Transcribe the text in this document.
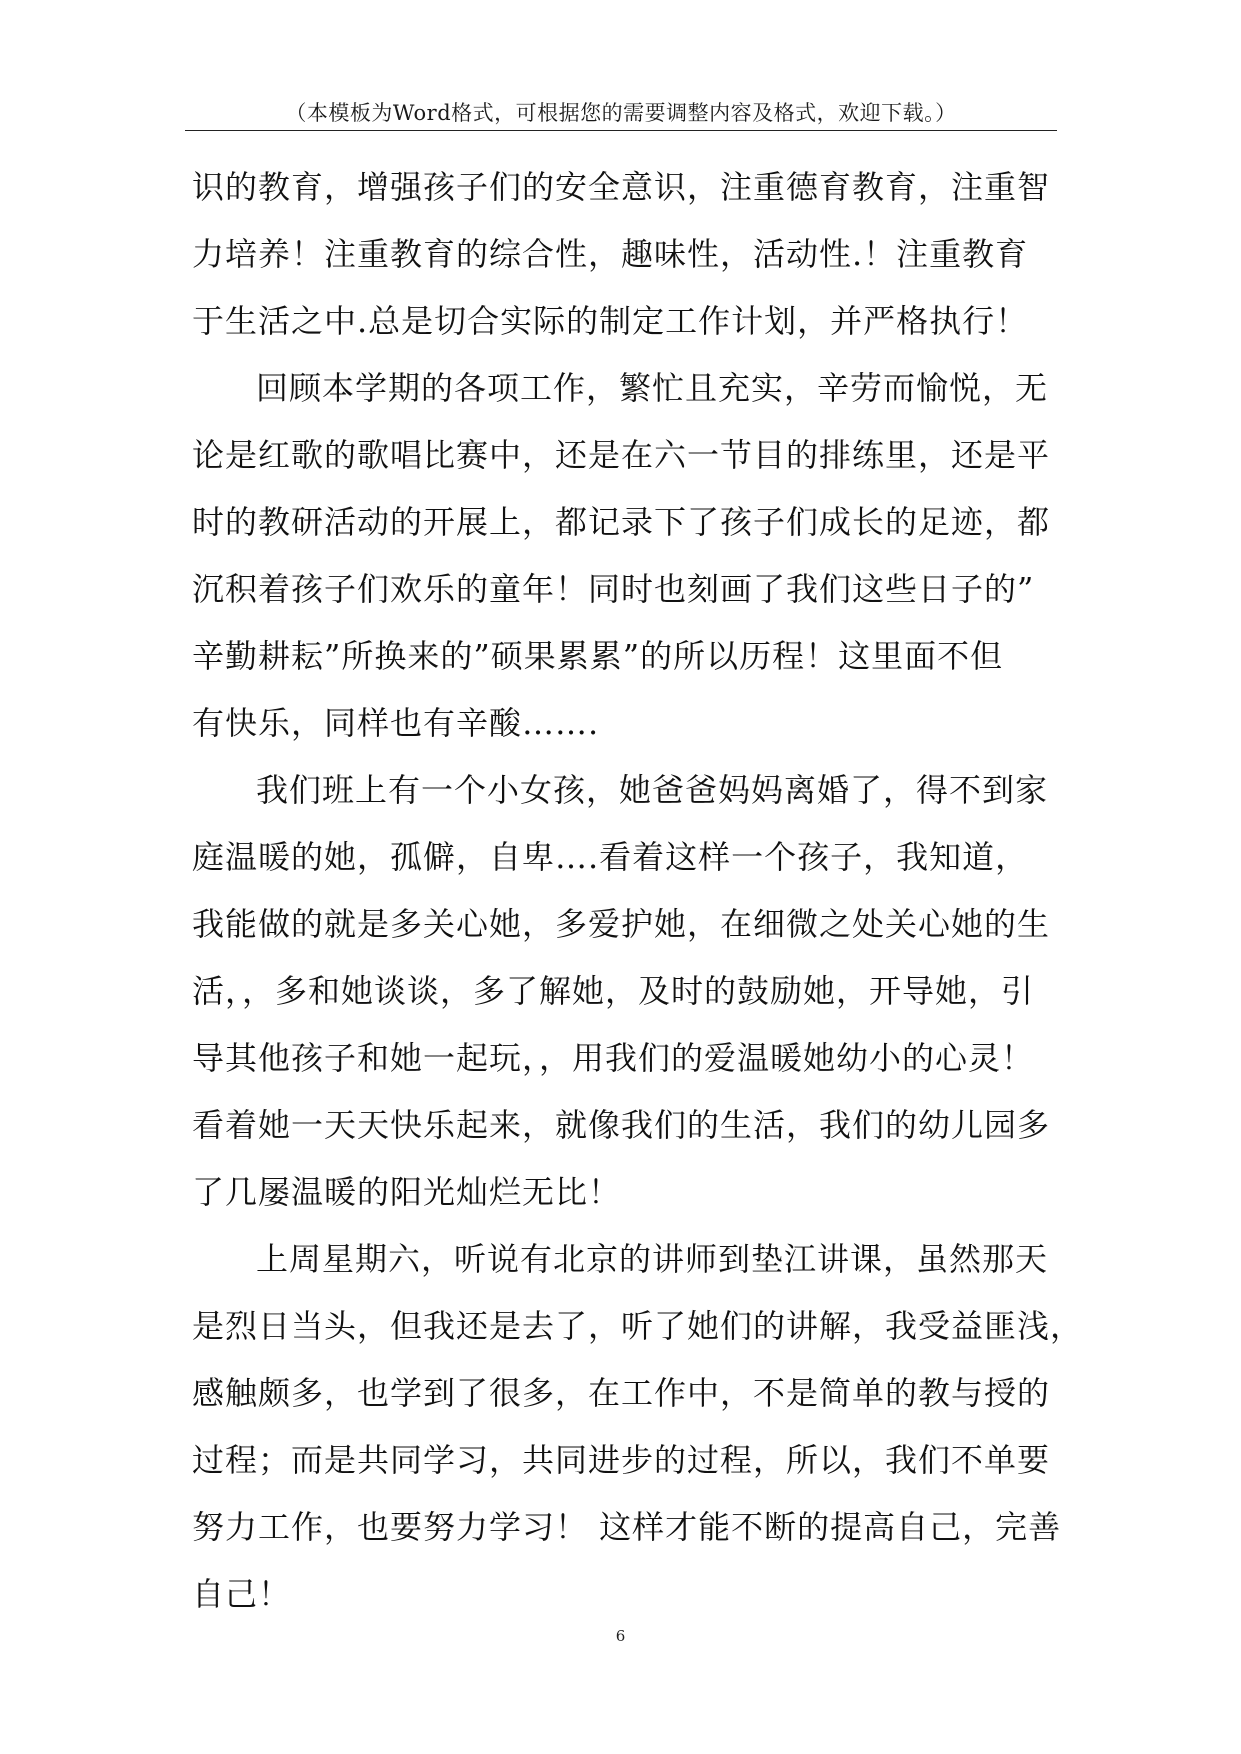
（本模板为Word格式，可根据您的需要调整内容及格式，欢迎下载。）
识的教育，增强孩子们的安全意识，注重德育教育，注重智
力培养！注重教育的综合性，趣味性，活动性.！注重教育
于生活之中.总是切合实际的制定工作计划，并严格执行！
回顾本学期的各项工作，繁忙且充实，辛劳而愉悦，无
论是红歌的歌唱比赛中，还是在六一节目的排练里，还是平
时的教研活动的开展上，都记录下了孩子们成长的足迹，都
沉积着孩子们欢乐的童年！同时也刻画了我们这些日子的”
辛勤耕耘”所换来的”硕果累累”的所以历程！这里面不但
有快乐，同样也有辛酸…….
我们班上有一个小女孩，她爸爸妈妈离婚了，得不到家
庭温暖的她，孤僻，自卑….看着这样一个孩子，我知道，
我能做的就是多关心她，多爱护她，在细微之处关心她的生
活，，多和她谈谈，多了解她，及时的鼓励她，开导她，引
导其他孩子和她一起玩，，用我们的爱温暖她幼小的心灵！
看着她一天天快乐起来，就像我们的生活，我们的幼儿园多
了几屡温暖的阳光灿烂无比！
上周星期六，听说有北京的讲师到垫江讲课，虽然那天
是烈日当头，但我还是去了，听了她们的讲解，我受益匪浅，
感触颇多，也学到了很多，在工作中，不是简单的教与授的
过程；而是共同学习，共同进步的过程，所以，我们不单要
努力工作，也要努力学习！ 这样才能不断的提高自己，完善
自己！
6
